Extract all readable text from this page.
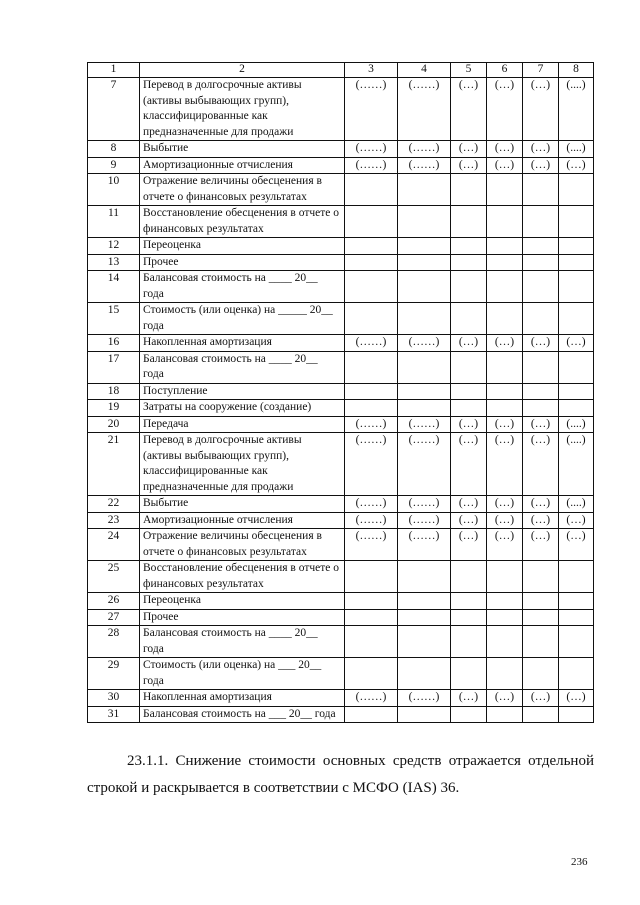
1	2	3	4	5	6	7	8
7	Перевод в долгосрочные активы (активы выбывающих групп), классифицированные как предназначенные для продажи	(……)	(……)	(…)	(…)	(…)	(....)
8	Выбытие	(……)	(……)	(…)	(…)	(…)	(....)
9	Амортизационные отчисления	(……)	(……)	(…)	(…)	(…)	(…)
10	Отражение величины обесценения в отчете о финансовых результатах						
11	Восстановление обесценения в отчете о финансовых результатах						
12	Переоценка						
13	Прочее						
14	Балансовая стоимость на ____ 20__ года						
15	Стоимость (или оценка) на _____ 20__ года						
16	Накопленная амортизация	(……)	(……)	(…)	(…)	(…)	(…)
17	Балансовая стоимость на ____ 20__ года						
18	Поступление						
19	Затраты на сооружение (создание)						
20	Передача	(……)	(……)	(…)	(…)	(…)	(....)
21	Перевод в долгосрочные активы (активы выбывающих групп), классифицированные как предназначенные для продажи	(……)	(……)	(…)	(…)	(…)	(....)
22	Выбытие	(……)	(……)	(…)	(…)	(…)	(....)
23	Амортизационные отчисления	(……)	(……)	(…)	(…)	(…)	(…)
24	Отражение величины обесценения в отчете о финансовых результатах	(……)	(……)	(…)	(…)	(…)	(…)
25	Восстановление обесценения в отчете о финансовых результатах						
26	Переоценка						
27	Прочее						
28	Балансовая стоимость на ____ 20__ года						
29	Стоимость (или оценка) на ___ 20__ года						
30	Накопленная амортизация	(……)	(……)	(…)	(…)	(…)	(…)
31	Балансовая стоимость на ___ 20__ года						
23.1.1. Снижение стоимости основных средств отражается отдельной строкой и раскрывается в соответствии с МСФО (IAS) 36.
236
